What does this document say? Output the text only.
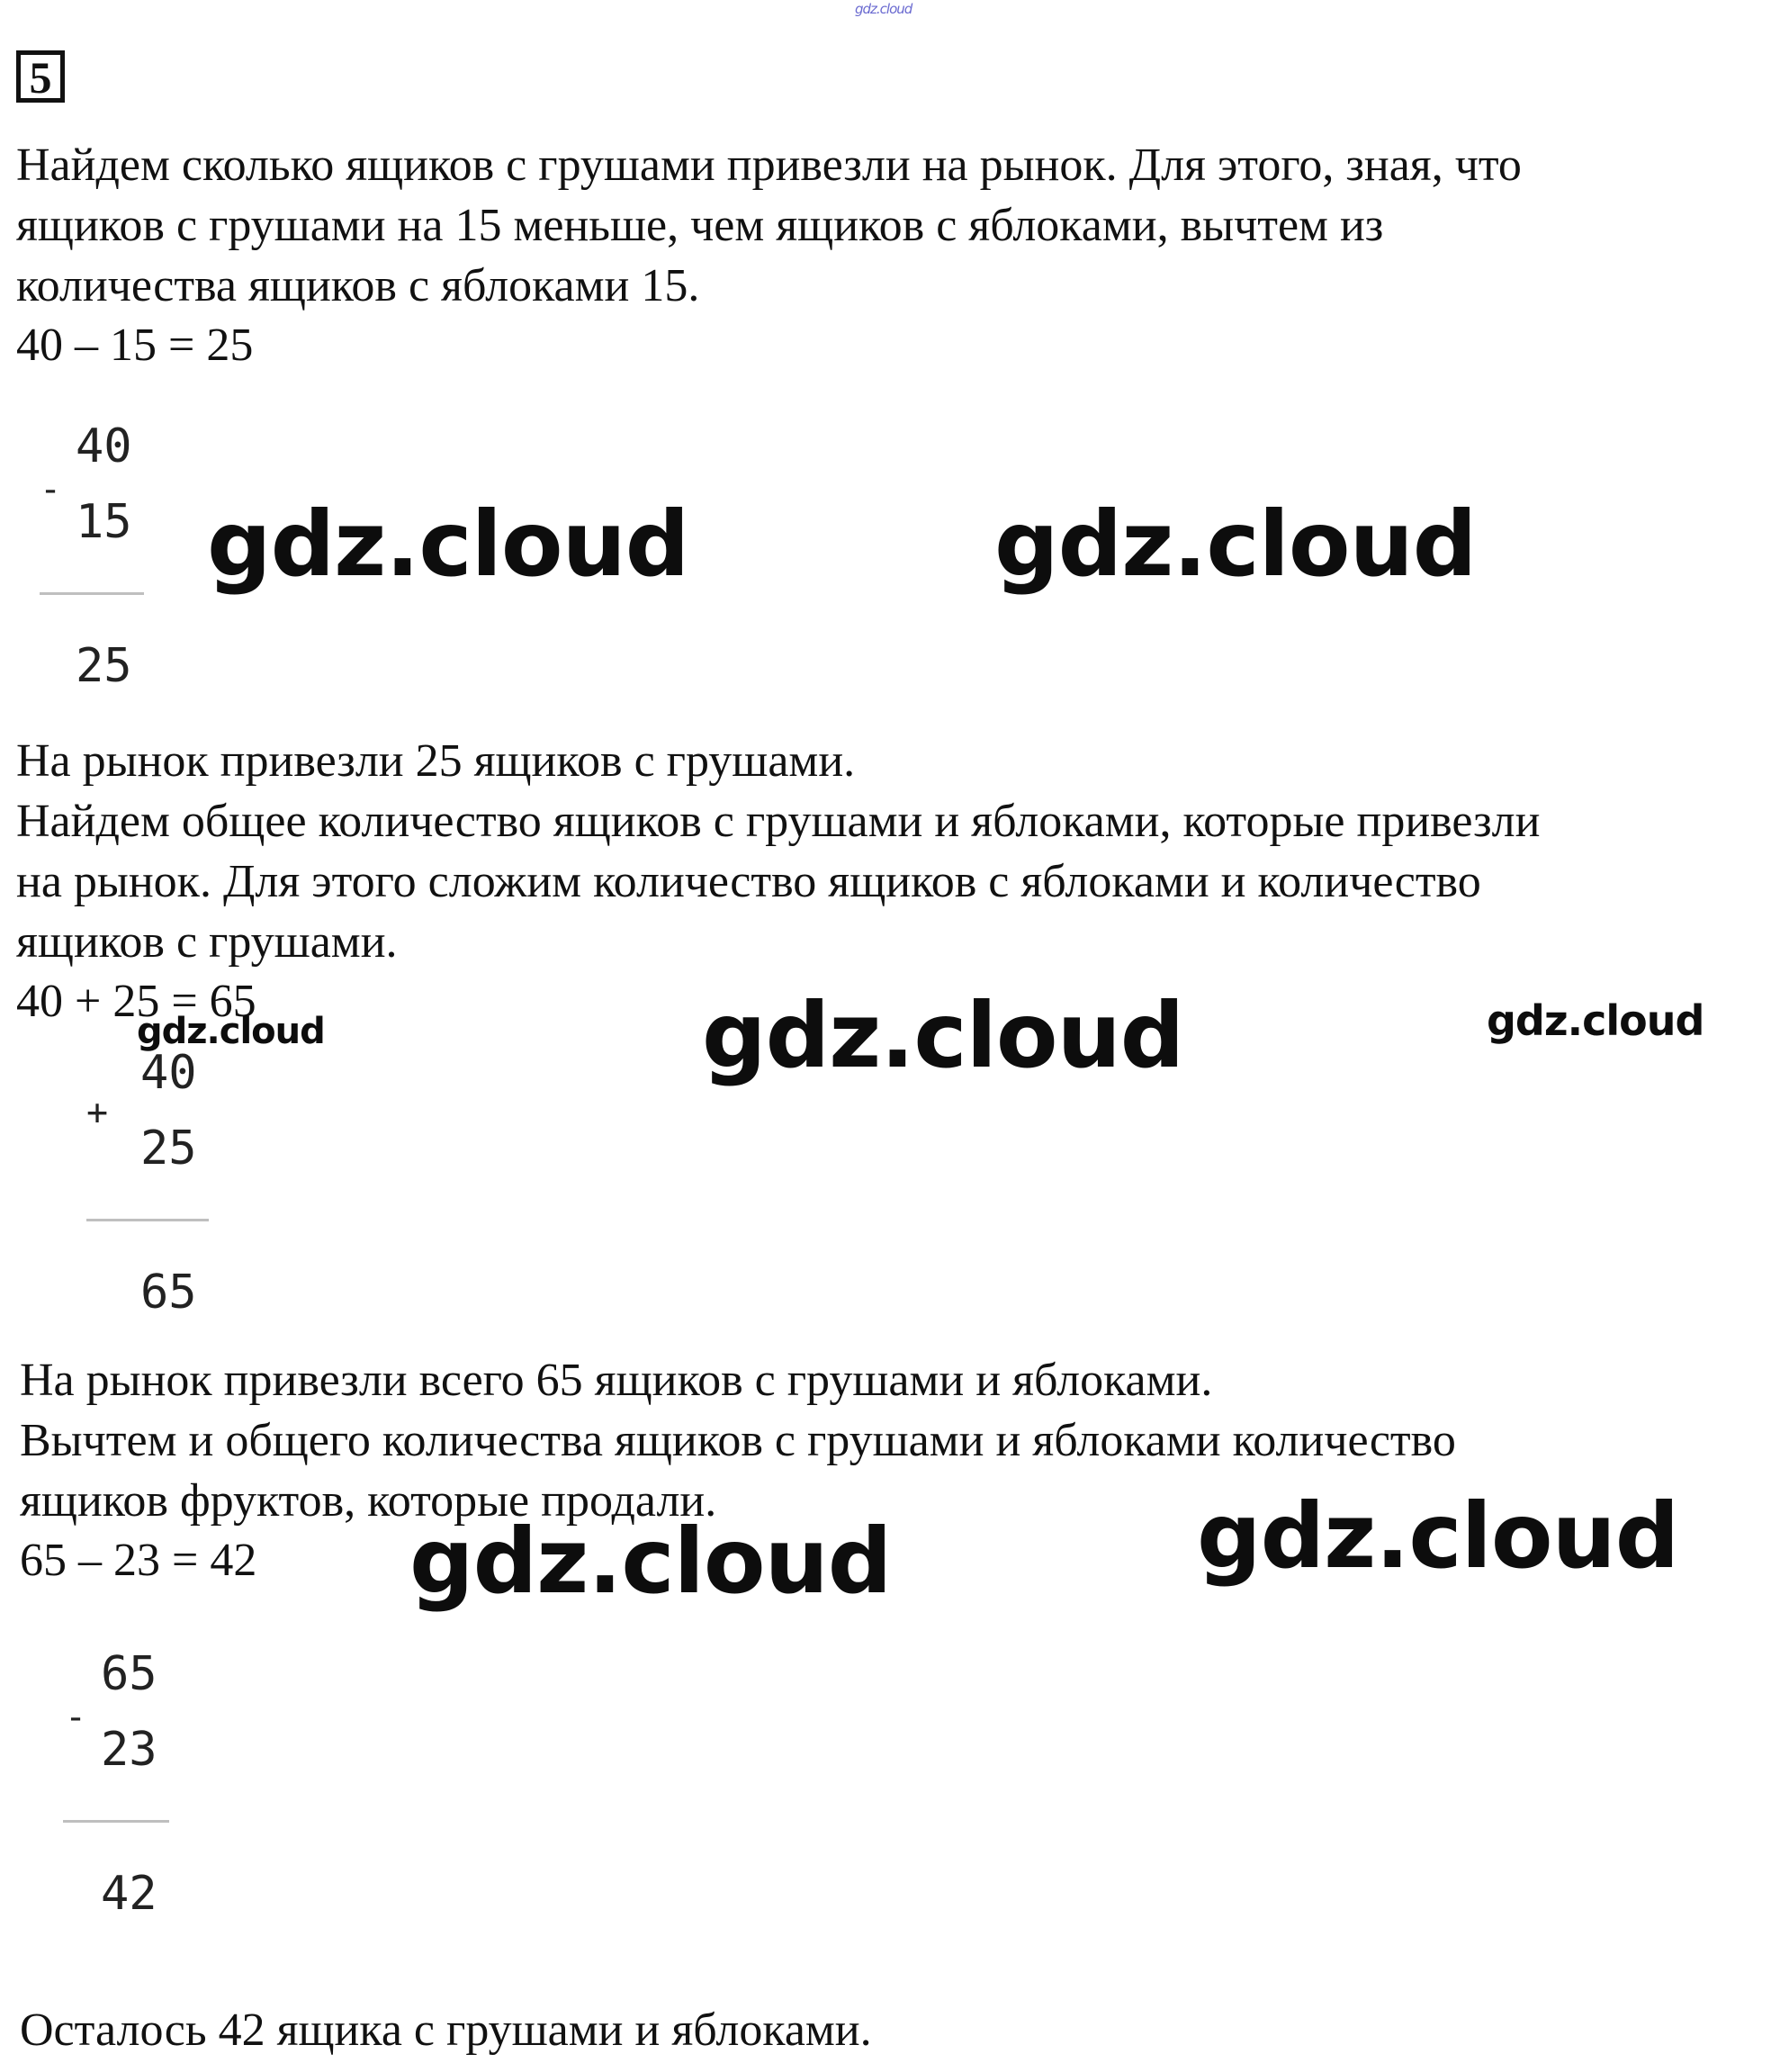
gdz.cloud
5
Найдем сколько ящиков с грушами привезли на рынок. Для этого, зная, что
ящиков с грушами на 15 меньше, чем ящиков с яблоками, вычтем из
количества ящиков с яблоками 15.
40 – 15 = 25
40
-
15
25
gdz.cloud	gdz.cloud
На рынок привезли 25 ящиков с грушами.
Найдем общее количество ящиков с грушами и яблоками, которые привезли
на рынок. Для этого сложим количество ящиков с яблоками и количество
ящиков с грушами.
40 + 25 = 65
gdz.cloud	gdz.cloud	gdz.cloud
40
+
25
65
На рынок привезли всего 65 ящиков с грушами и яблоками.
Вычтем и общего количества ящиков с грушами и яблоками количество
ящиков фруктов, которые продали.
65 – 23 = 42 gdz.cloud	gdz.cloud
65
-
23
42
Осталось 42 ящика с грушами и яблоками.
